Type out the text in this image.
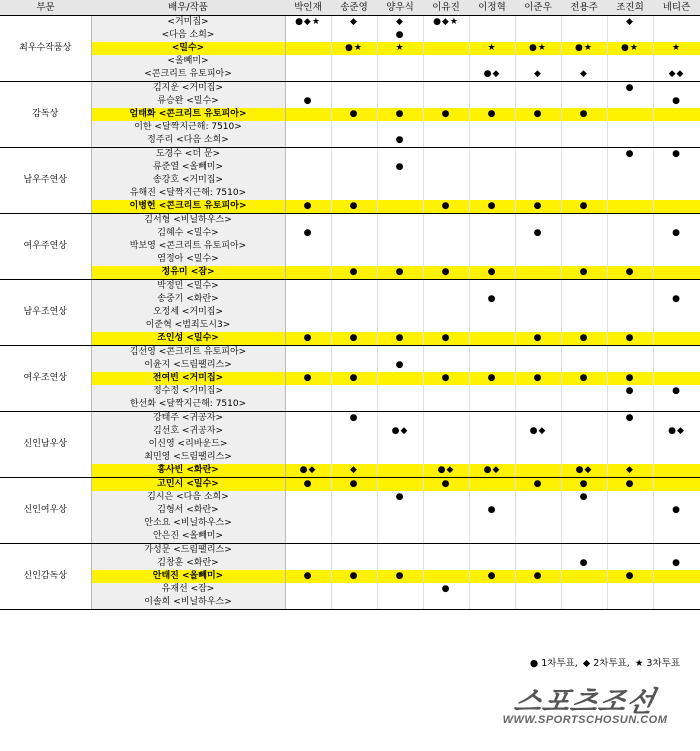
부문	배우/작품	박인재	송준영	양우식	이유진	이정혁	이준우	전용주	조진희	네티즌
최우수작품상	<거미집>	●◆★	◆	◆	●◆★				◆	
	<다음 소희>			●						
	<밀수>		●★	★		★	●★	●★	●★	★
	<올빼미>									
	<콘크리트 유토피아>					●◆	◆	◆		◆◆
감독상	김지운 <거미집>								●	
	류승완 <밀수>	●								●
	엄태화 <콘크리트 유토피아>		●	●	●	●	●	●		
	이한 <달짝지근해: 7510>									
	정주리 <다음 소희>			●						
남우주연상	도경수 <더 문>								●	●
	류준열 <올빼미>			●						
	송강호 <거미집>									
	유해진 <달짝지근해: 7510>									
	이병헌 <콘크리트 유토피아>	●	●		●	●	●	●		
여우주연상	김서형 <비닐하우스>									
	김혜수 <밀수>	●					●			●
	박보영 <콘크리트 유토피아>									
	염정아 <밀수>									
	정유미 <잠>		●	●	●	●		●	●	
남우조연상	박정민 <밀수>									
	송중기 <화란>					●				●
	오정세 <거미집>									
	이준혁 <범죄도시3>									
	조인성 <밀수>	●	●	●	●		●	●	●	
여우조연상	김선영 <콘크리트 유토피아>									
	이윤지 <드림팰리스>			●						
	전여빈 <거미집>	●	●		●	●	●	●	●	
	정수정 <거미집>								●	●
	한선화 <달짝지근해: 7510>									
신인남우상	강태주 <귀공자>		●						●	
	김선호 <귀공자>			●◆			●◆			●◆
	이신영 <리바운드>									
	최민영 <드림팰리스>									
	홍사빈 <화란>	●◆	◆		●◆	●◆		●◆	◆	
신인여우상	고민시 <밀수>	●	●		●		●	●	●	
	김시은 <다음 소희>			●				●		
	김형서 <화란>					●				●
	안소요 <비닐하우스>									
	안은진 <올빼미>									
신인감독상	가성문 <드림팰리스>									
	김창훈 <화란>							●		●
	안태진 <올빼미>	●	●	●		●	●		●	
	유재선 <잠>				●					
	이솔희 <비닐하우스>									
● 1차투표, ◆ 2차투표, ★ 3차투표
스포츠조선
WWW.SPORTSCHOSUN.COM
